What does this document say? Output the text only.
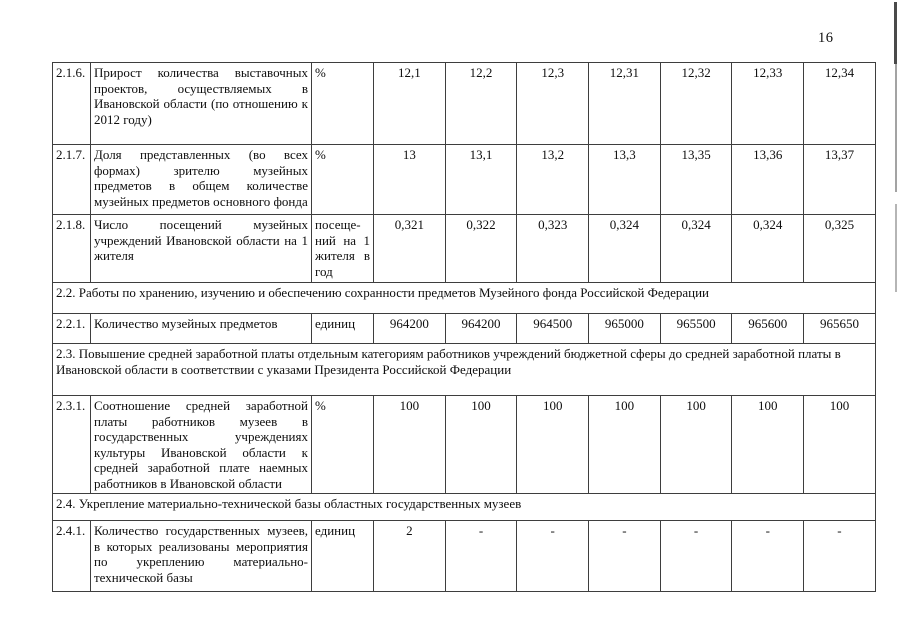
16
2.1.6.	Прирост количества выставочных проектов, осуществляемых в Ивановской области (по отношению к 2012 году)	%	12,1	12,2	12,3	12,31	12,32	12,33	12,34
2.1.7.	Доля представленных (во всех формах) зрителю музейных предметов в общем количестве музейных предметов основного фонда	%	13	13,1	13,2	13,3	13,35	13,36	13,37
2.1.8.	Число посещений музейных учреждений Ивановской области на 1 жителя	посеще-ний на 1 жителя в год	0,321	0,322	0,323	0,324	0,324	0,324	0,325
2.2. Работы по хранению, изучению и обеспечению сохранности предметов Музейного фонда Российской Федерации									
2.2.1.	Количество музейных предметов	единиц	964200	964200	964500	965000	965500	965600	965650
2.3. Повышение средней заработной платы отдельным категориям работников учреждений бюджетной сферы до средней заработной платы в Ивановской области в соответствии с указами Президента Российской Федерации									
2.3.1.	Соотношение средней заработной платы работников музеев в государственных учреждениях культуры Ивановской области к средней заработной плате наемных работников в Ивановской области	%	100	100	100	100	100	100	100
2.4. Укрепление материально-технической базы областных государственных музеев									
2.4.1.	Количество государственных музеев, в которых реализованы мероприятия по укреплению материально-технической базы	единиц	2	-	-	-	-	-	-
